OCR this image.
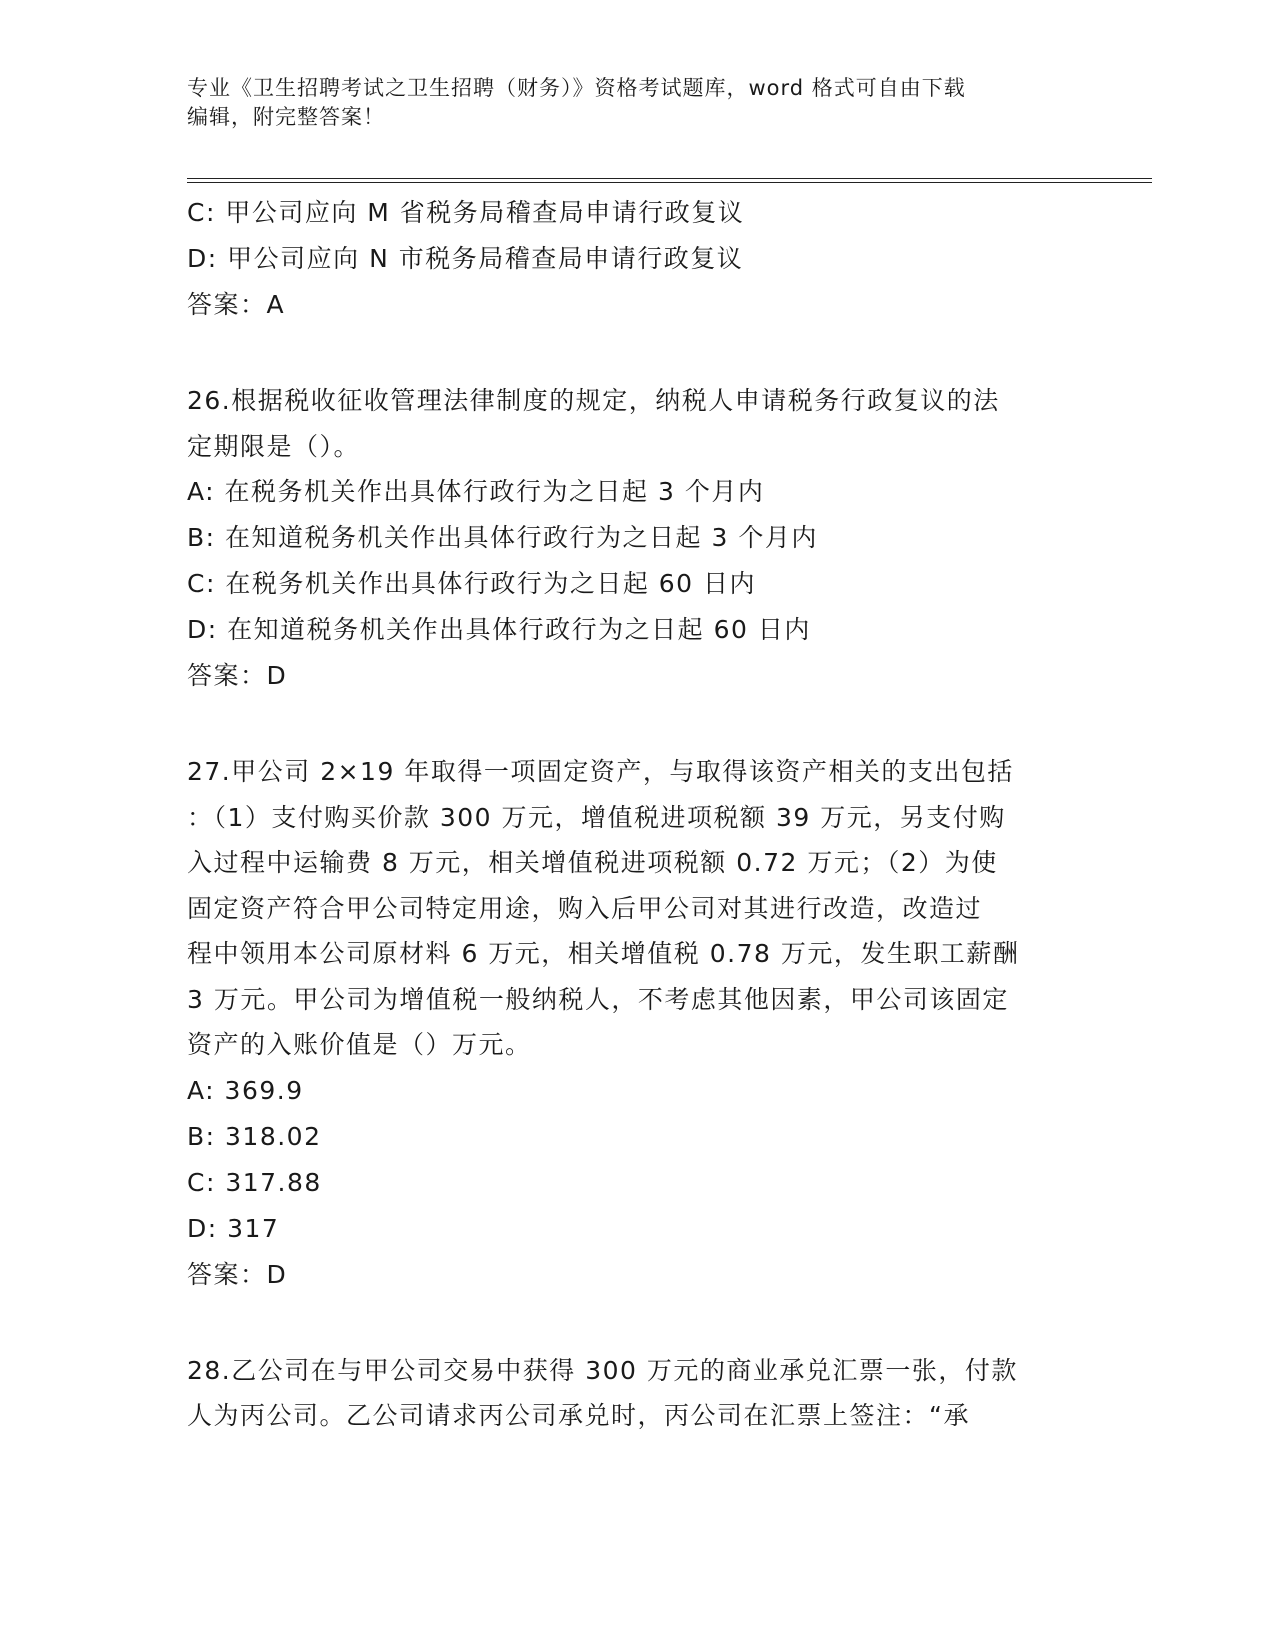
专业《卫生招聘考试之卫生招聘（财务）》资格考试题库，word 格式可自由下载
编辑，附完整答案！
C: 甲公司应向 M 省税务局稽查局申请行政复议
D: 甲公司应向 N 市税务局稽查局申请行政复议
答案：A
26.根据税收征收管理法律制度的规定，纳税人申请税务行政复议的法
定期限是（）。
A: 在税务机关作出具体行政行为之日起 3 个月内
B: 在知道税务机关作出具体行政行为之日起 3 个月内
C: 在税务机关作出具体行政行为之日起 60 日内
D: 在知道税务机关作出具体行政行为之日起 60 日内
答案：D
27.甲公司 2×19 年取得一项固定资产，与取得该资产相关的支出包括
：（1）支付购买价款 300 万元，增值税进项税额 39 万元，另支付购
入过程中运输费 8 万元，相关增值税进项税额 0.72 万元；（2）为使
固定资产符合甲公司特定用途，购入后甲公司对其进行改造，改造过
程中领用本公司原材料 6 万元，相关增值税 0.78 万元，发生职工薪酬
3 万元。甲公司为增值税一般纳税人，不考虑其他因素，甲公司该固定
资产的入账价值是（）万元。
A: 369.9
B: 318.02
C: 317.88
D: 317
答案：D
28.乙公司在与甲公司交易中获得 300 万元的商业承兑汇票一张，付款
人为丙公司。乙公司请求丙公司承兑时，丙公司在汇票上签注：“承
